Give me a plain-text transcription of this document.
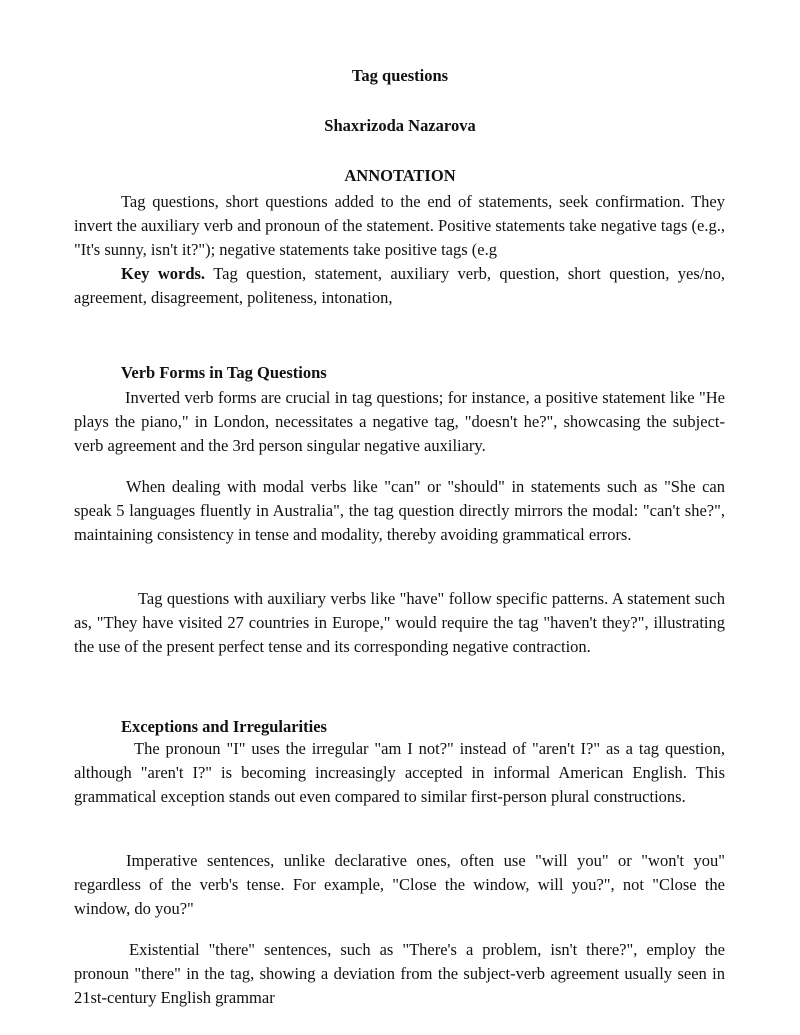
Tag questions
Shaxrizoda Nazarova
ANNOTATION

Tag questions, short questions added to the end of statements, seek confirmation. They invert the auxiliary verb and pronoun of the statement. Positive statements take negative tags (e.g., "It's sunny, isn't it?"); negative statements take positive tags (e.g

Key words. Tag question, statement, auxiliary verb, question, short question, yes/no, agreement, disagreement, politeness, intonation,

Verb Forms in Tag Questions

Inverted verb forms are crucial in tag questions; for instance, a positive statement like "He plays the piano," in London, necessitates a negative tag, "doesn't he?", showcasing the subject-verb agreement and the 3rd person singular negative auxiliary.

When dealing with modal verbs like "can" or "should" in statements such as "She can speak 5 languages fluently in Australia", the tag question directly mirrors the modal: "can't she?", maintaining consistency in tense and modality, thereby avoiding grammatical errors.

Tag questions with auxiliary verbs like "have" follow specific patterns. A statement such as, "They have visited 27 countries in Europe," would require the tag "haven't they?", illustrating the use of the present perfect tense and its corresponding negative contraction.

Exceptions and Irregularities

The pronoun "I" uses the irregular "am I not?" instead of "aren't I?" as a tag question, although "aren't I?" is becoming increasingly accepted in informal American English. This grammatical exception stands out even compared to similar first-person plural constructions.

Imperative sentences, unlike declarative ones, often use "will you" or "won't you" regardless of the verb's tense. For example, "Close the window, will you?", not "Close the window, do you?"

Existential "there" sentences, such as "There's a problem, isn't there?", employ the pronoun "there" in the tag, showing a deviation from the subject-verb agreement usually seen in 21st-century English grammar
